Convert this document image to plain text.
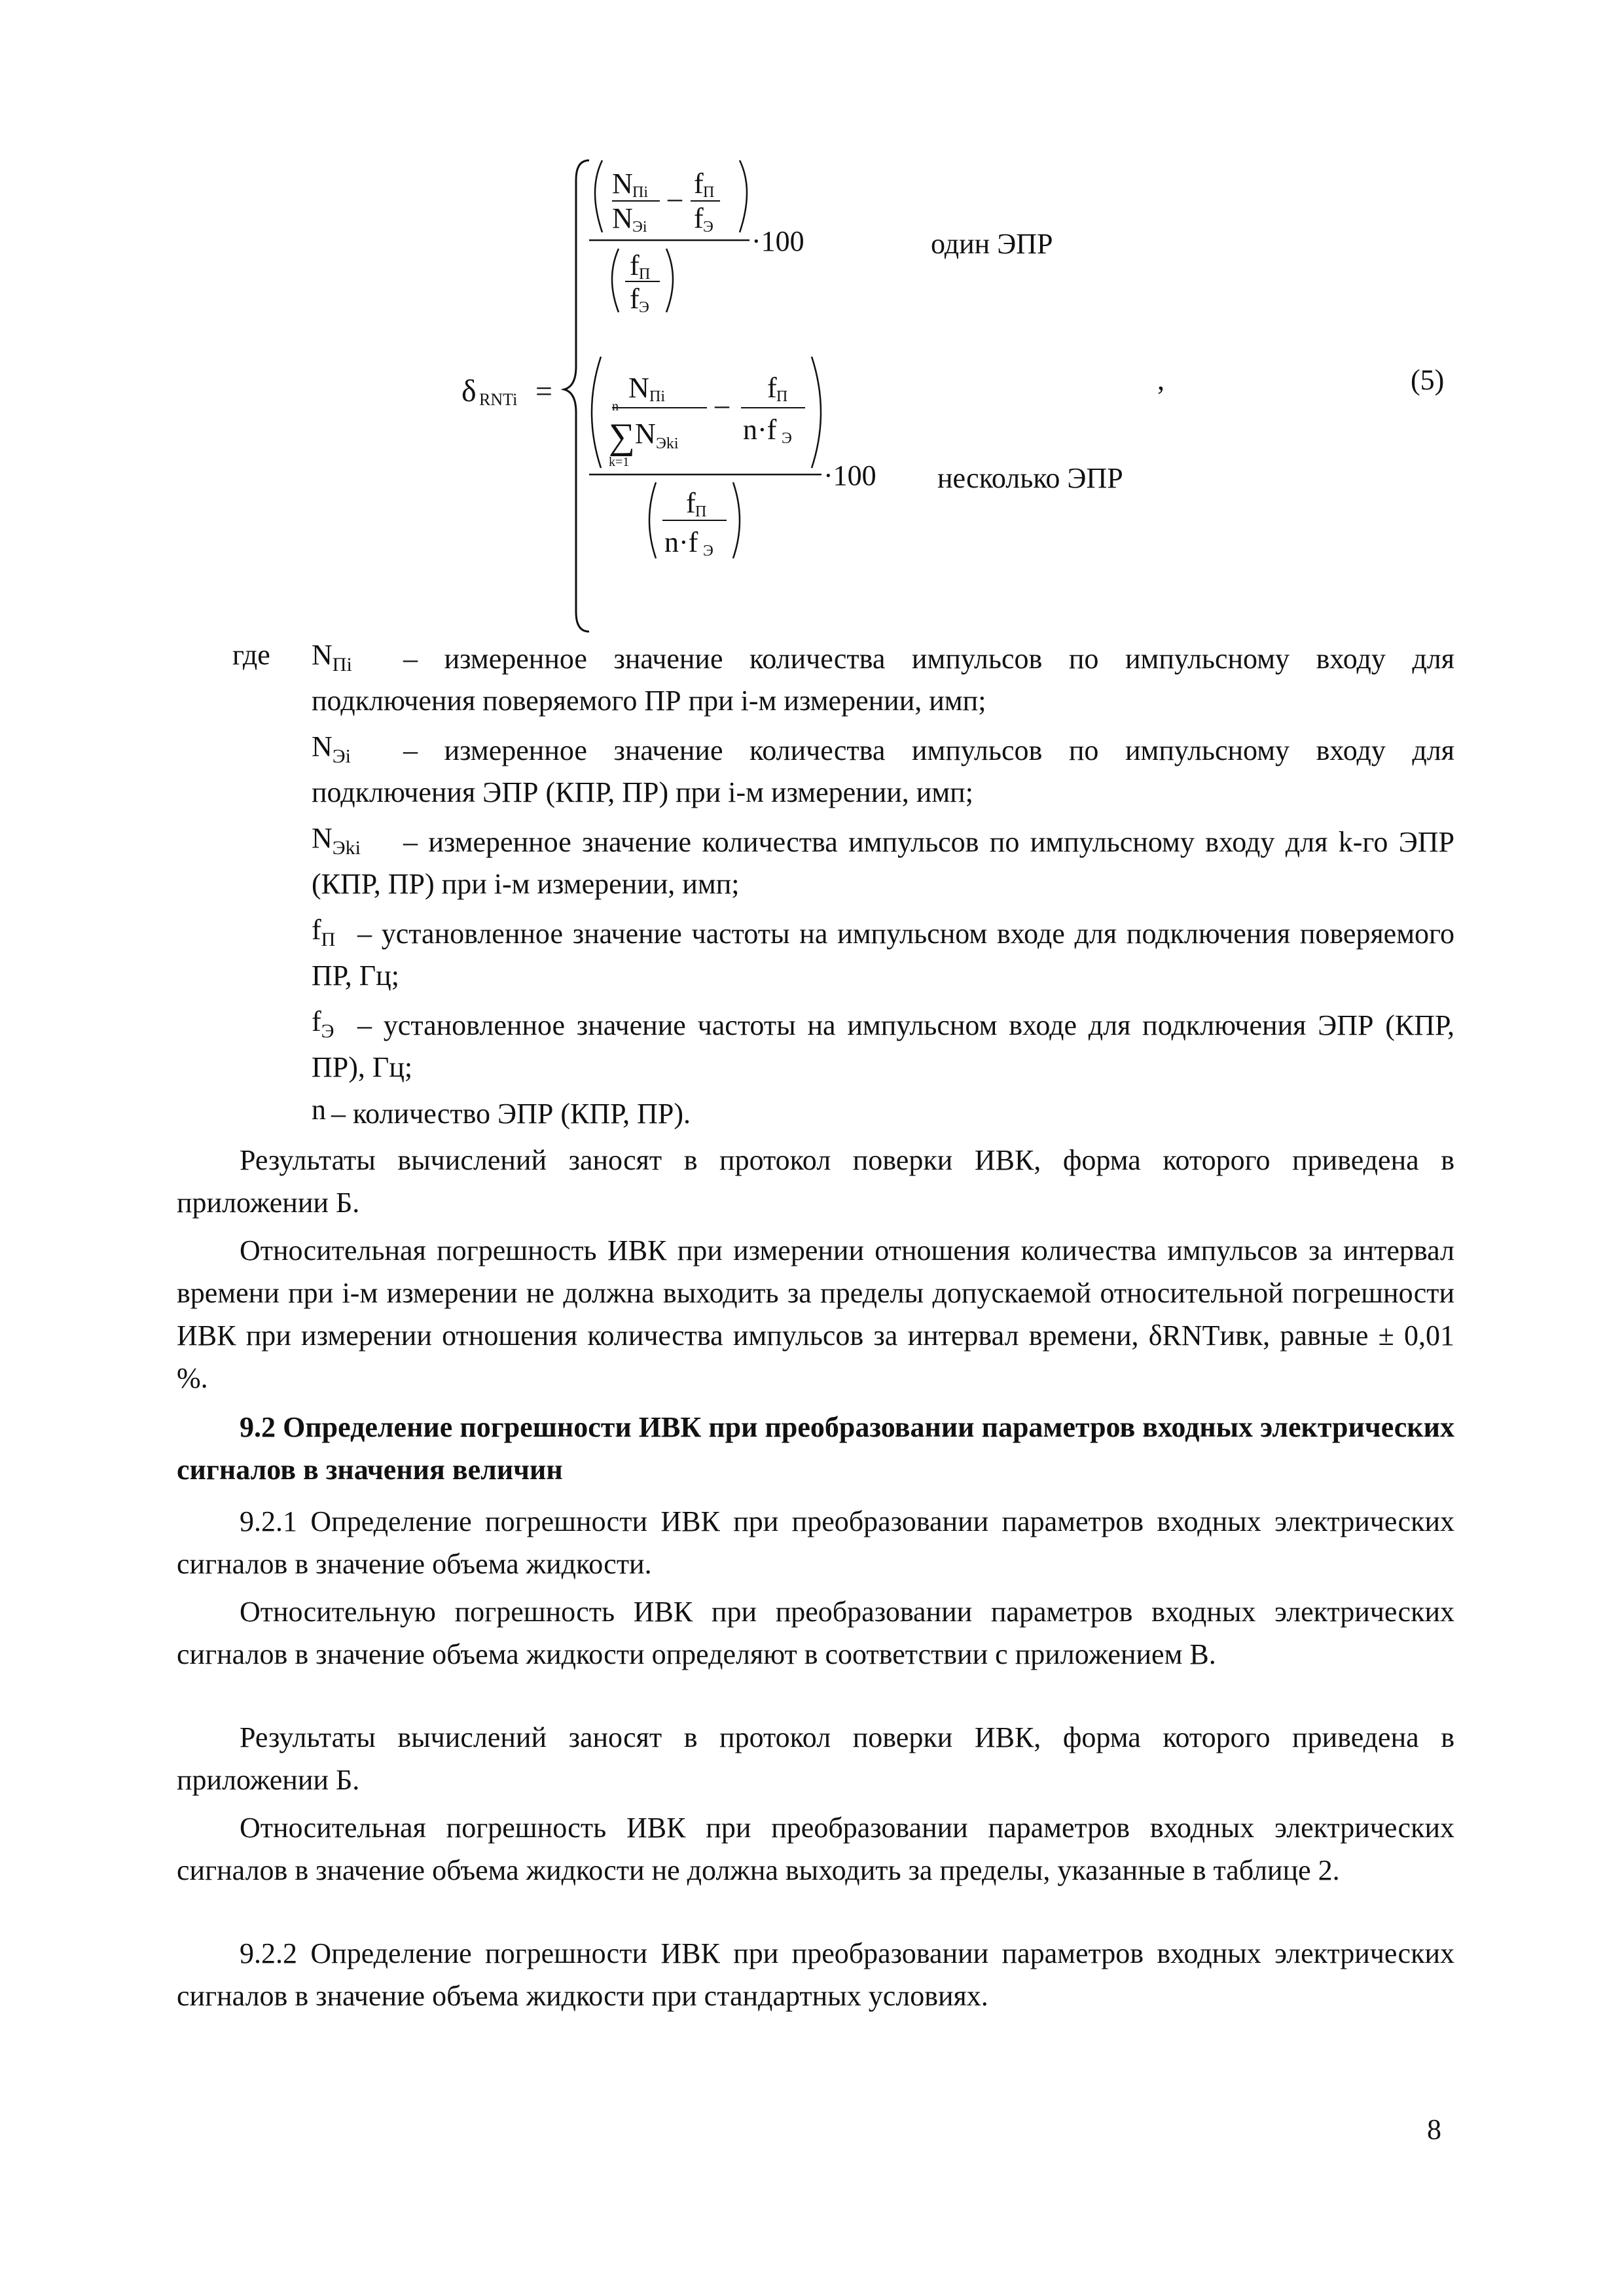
δ RNTi =
N Пi
N Эi
– f П
f Э
f П
f Э
·100
N Пi
n
∑ N Эki
k=1
–
f П
n·f Э
f П
n·f Э
·100
один ЭПР
несколько ЭПР
,	(5)
где $N_{Пi}$	– измеренное значение количества импульсов по импульсному входу для подключения поверяемого ПР при i-м измерении, имп;
$N_{Эi}$	– измеренное значение количества импульсов по импульсному входу для подключения ЭПР (КПР, ПР) при i-м измерении, имп;
$N_{Эki}$	– измеренное значение количества импульсов по импульсному входу для k-го ЭПР (КПР, ПР) при i-м измерении, имп;
$f_П$ – установленное значение частоты на импульсном входе для подключения поверяемого ПР, Гц;
$f_Э$ – установленное значение частоты на импульсном входе для подключения ЭПР (КПР, ПР), Гц;
n – количество ЭПР (КПР, ПР).

Результаты вычислений заносят в протокол поверки ИВК, форма которого приведена в приложении Б.

Относительная погрешность ИВК при измерении отношения количества импульсов за интервал времени при i-м измерении не должна выходить за пределы допускаемой относительной погрешности ИВК при измерении отношения количества импульсов за интервал времени, δRNTивк, равные ± 0,01 %.

9.2 Определение погрешности ИВК при преобразовании параметров входных электрических сигналов в значения величин

9.2.1 Определение погрешности ИВК при преобразовании параметров входных электрических сигналов в значение объема жидкости.

Относительную погрешность ИВК при преобразовании параметров входных электрических сигналов в значение объема жидкости определяют в соответствии с приложением В.

Результаты вычислений заносят в протокол поверки ИВК, форма которого приведена в приложении Б.

Относительная погрешность ИВК при преобразовании параметров входных электрических сигналов в значение объема жидкости не должна выходить за пределы, указанные в таблице 2.

9.2.2 Определение погрешности ИВК при преобразовании параметров входных электрических сигналов в значение объема жидкости при стандартных условиях.

8
